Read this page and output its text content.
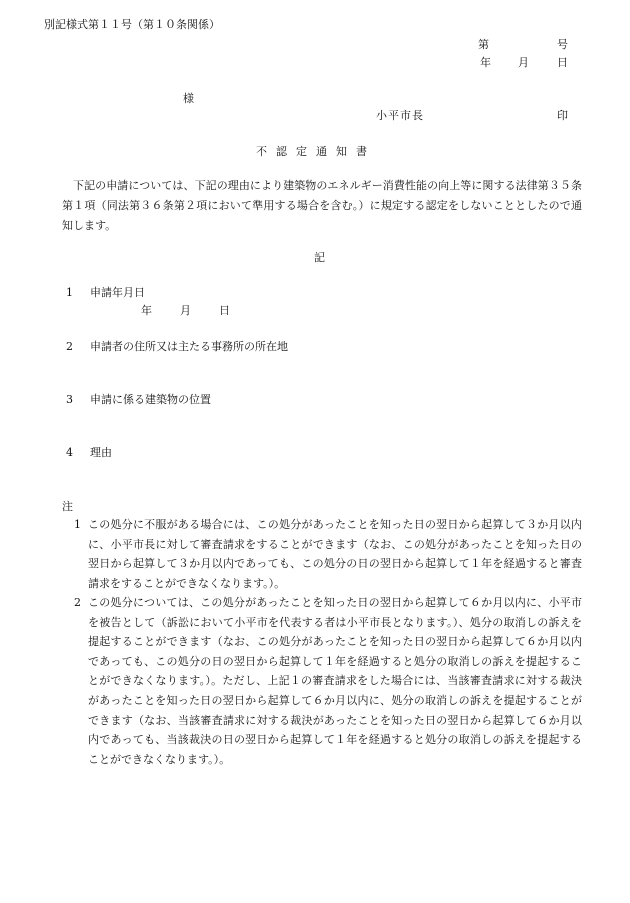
別記様式第１１号（第１０条関係）
第	号
年 月	日
様
小平市長	印
不認定通知書
下記の申請については、下記の理由により建築物のエネルギー消費性能の向上等に関する法律第３５条第１項（同法第３６条第２項において準用する場合を含む。）に規定する認定をしないこととしたので通知します。
記
1 申請年月日
年	月	日
2 申請者の住所又は主たる事務所の所在地
3 申請に係る建築物の位置
4 理由
注
1 この処分に不服がある場合には、この処分があったことを知った日の翌日から起算して３か月以内に、小平市長に対して審査請求をすることができます（なお、この処分があったことを知った日の翌日から起算して３か月以内であっても、この処分の日の翌日から起算して１年を経過すると審査請求をすることができなくなります。）。
2 この処分については、この処分があったことを知った日の翌日から起算して６か月以内に、小平市を被告として（訴訟において小平市を代表する者は小平市長となります。）、処分の取消しの訴えを提起することができます（なお、この処分があったことを知った日の翌日から起算して６か月以内であっても、この処分の日の翌日から起算して１年を経過すると処分の取消しの訴えを提起することができなくなります。）。ただし、上記１の審査請求をした場合には、当該審査請求に対する裁決があったことを知った日の翌日から起算して６か月以内に、処分の取消しの訴えを提起することができます（なお、当該審査請求に対する裁決があったことを知った日の翌日から起算して６か月以内であっても、当該裁決の日の翌日から起算して１年を経過すると処分の取消しの訴えを提起することができなくなります。）。
